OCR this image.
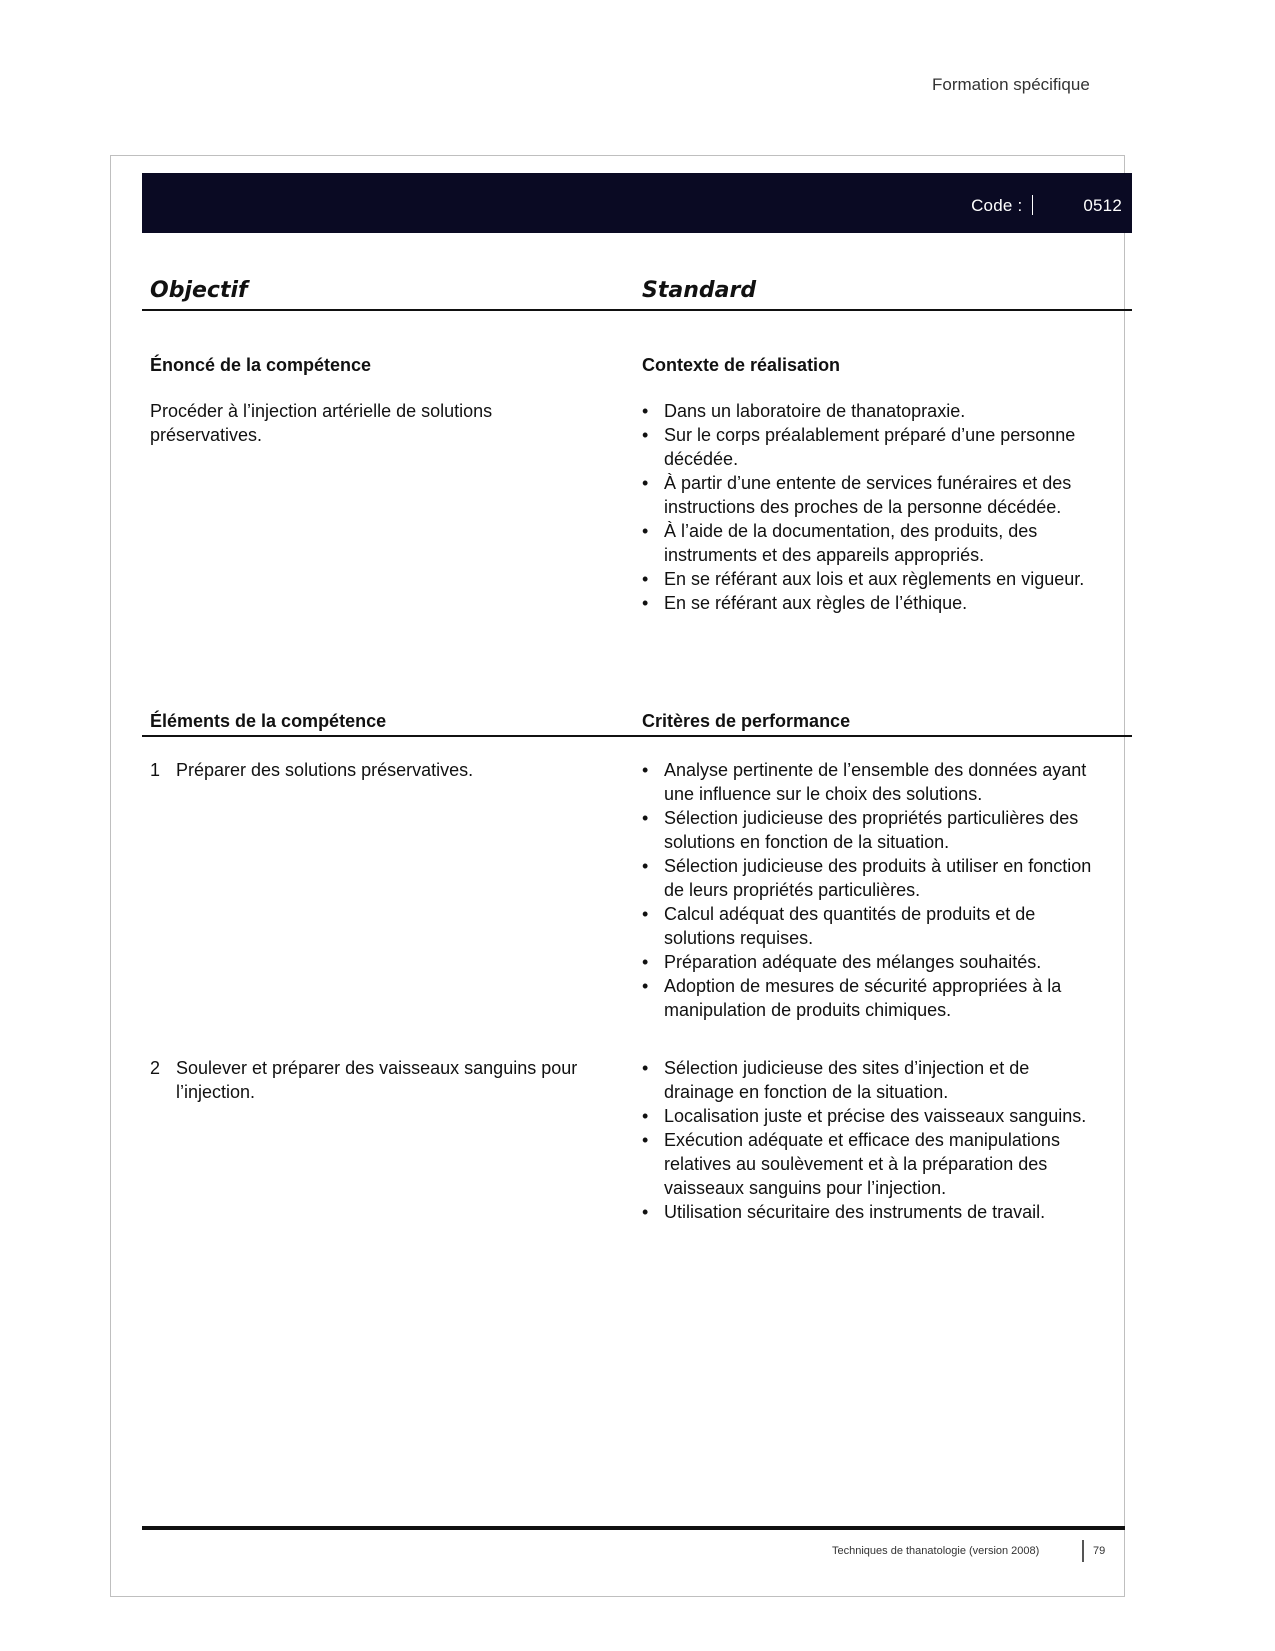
Formation spécifique
Code :	0512
Objectif	Standard
Énoncé de la compétence	Contexte de réalisation
Procéder à l’injection artérielle de solutions préservatives.
• Dans un laboratoire de thanatopraxie.
• Sur le corps préalablement préparé d’une personne décédée.
• À partir d’une entente de services funéraires et des instructions des proches de la personne décédée.
• À l’aide de la documentation, des produits, des instruments et des appareils appropriés.
• En se référant aux lois et aux règlements en vigueur.
• En se référant aux règles de l’éthique.
Éléments de la compétence	Critères de performance
1 Préparer des solutions préservatives.
•	Analyse pertinente de l’ensemble des données ayant une influence sur le choix des solutions.
• Sélection judicieuse des propriétés particulières des solutions en fonction de la situation.
• Sélection judicieuse des produits à utiliser en fonction de leurs propriétés particulières.
• Calcul adéquat des quantités de produits et de solutions requises.
• Préparation adéquate des mélanges souhaités.
• Adoption de mesures de sécurité appropriées à la manipulation de produits chimiques.
2 Soulever et préparer des vaisseaux sanguins pour l’injection.
• Sélection judicieuse des sites d’injection et de drainage en fonction de la situation.
• Localisation juste et précise des vaisseaux sanguins.
• Exécution adéquate et efficace des manipulations relatives au soulèvement et à la préparation des vaisseaux sanguins pour l’injection.
• Utilisation sécuritaire des instruments de travail.
Techniques de thanatologie (version 2008)	79
